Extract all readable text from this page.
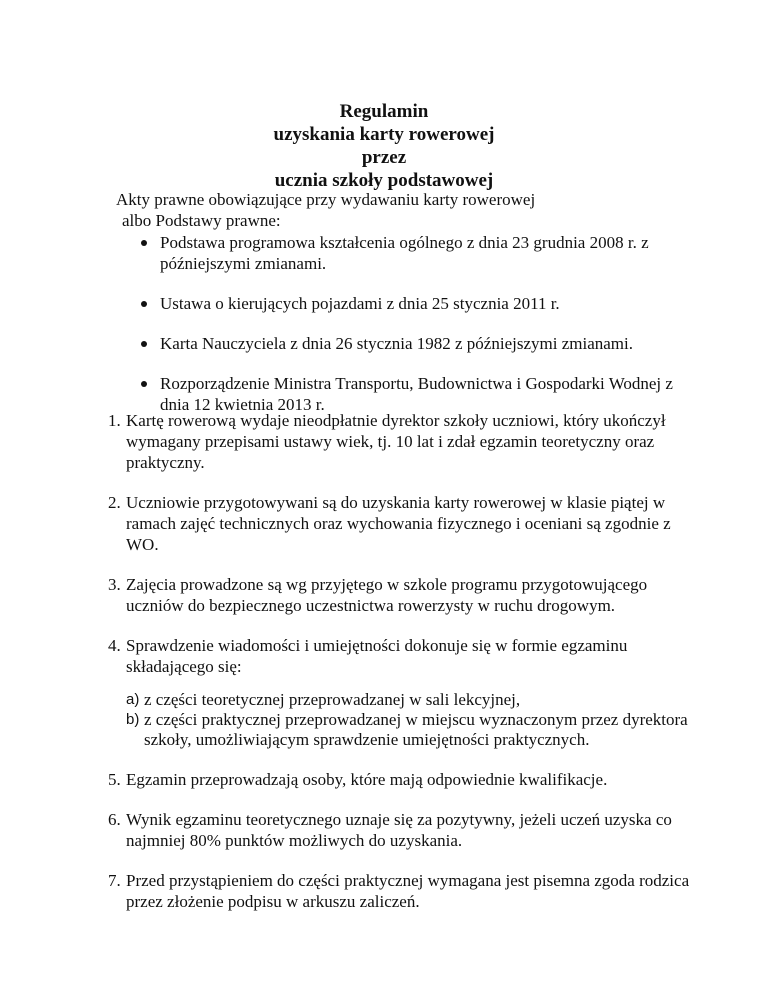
Regulamin
uzyskania karty rowerowej
przez
ucznia szkoły podstawowej
Akty prawne obowiązujące przy wydawaniu karty rowerowej
albo Podstawy prawne:
Podstawa programowa kształcenia ogólnego z dnia 23 grudnia 2008 r. z późniejszymi zmianami.
Ustawa o kierujących pojazdami z dnia 25 stycznia 2011 r.
Karta Nauczyciela z dnia 26 stycznia 1982 z późniejszymi zmianami.
Rozporządzenie Ministra Transportu, Budownictwa i Gospodarki Wodnej z dnia 12 kwietnia 2013 r.
1. Kartę rowerową wydaje nieodpłatnie dyrektor szkoły uczniowi, który ukończył wymagany przepisami ustawy wiek, tj. 10 lat i zdał egzamin teoretyczny oraz praktyczny.
2. Uczniowie przygotowywani są do uzyskania karty rowerowej w klasie piątej w ramach zajęć technicznych oraz wychowania fizycznego i oceniani są zgodnie z WO.
3. Zajęcia prowadzone są wg przyjętego w szkole programu przygotowującego uczniów do bezpiecznego uczestnictwa rowerzysty w ruchu drogowym.
4. Sprawdzenie wiadomości i umiejętności dokonuje się w formie egzaminu składającego się:
a) z części teoretycznej przeprowadzanej w sali lekcyjnej,
b) z części praktycznej przeprowadzanej w miejscu wyznaczonym przez dyrektora szkoły, umożliwiającym sprawdzenie umiejętności praktycznych.
5. Egzamin przeprowadzają osoby, które mają odpowiednie kwalifikacje.
6. Wynik egzaminu teoretycznego uznaje się za pozytywny, jeżeli uczeń uzyska co najmniej 80% punktów możliwych do uzyskania.
7. Przed przystąpieniem do części praktycznej wymagana jest pisemna zgoda rodzica przez złożenie podpisu w arkuszu zaliczeń.
